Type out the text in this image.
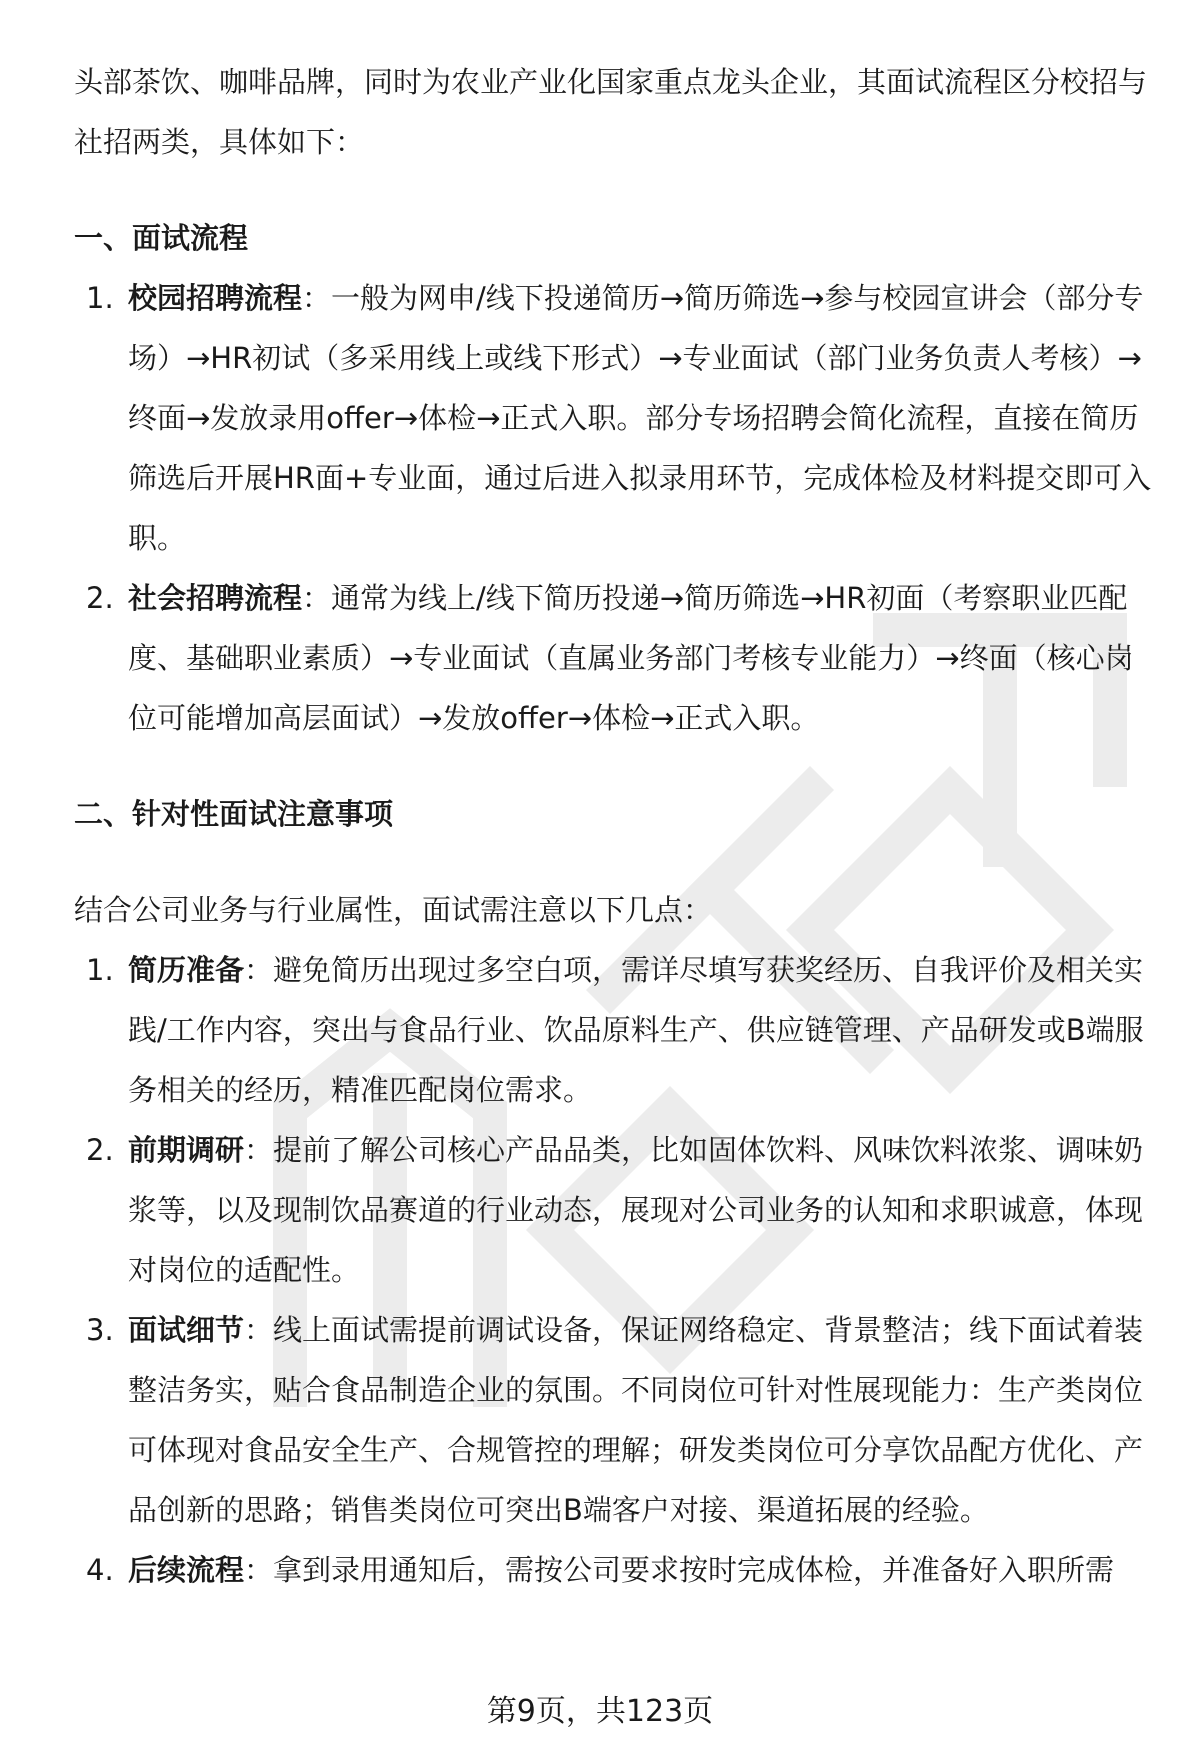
头部茶饮、咖啡品牌，同时为农业产业化国家重点龙头企业，其面试流程区分校招与社招两类，具体如下：

一、面试流程

1. 校园招聘流程：一般为网申/线下投递简历→简历筛选→参与校园宣讲会（部分专场）→HR初试（多采用线上或线下形式）→专业面试（部门业务负责人考核）→终面→发放录用offer→体检→正式入职。部分专场招聘会简化流程，直接在简历筛选后开展HR面+专业面，通过后进入拟录用环节，完成体检及材料提交即可入职。
2. 社会招聘流程：通常为线上/线下简历投递→简历筛选→HR初面（考察职业匹配度、基础职业素质）→专业面试（直属业务部门考核专业能力）→终面（核心岗位可能增加高层面试）→发放offer→体检→正式入职。

二、针对性面试注意事项

结合公司业务与行业属性，面试需注意以下几点：

1. 简历准备：避免简历出现过多空白项，需详尽填写获奖经历、自我评价及相关实践/工作内容，突出与食品行业、饮品原料生产、供应链管理、产品研发或B端服务相关的经历，精准匹配岗位需求。
2. 前期调研：提前了解公司核心产品品类，比如固体饮料、风味饮料浓浆、调味奶浆等，以及现制饮品赛道的行业动态，展现对公司业务的认知和求职诚意，体现对岗位的适配性。
3. 面试细节：线上面试需提前调试设备，保证网络稳定、背景整洁；线下面试着装整洁务实，贴合食品制造企业的氛围。不同岗位可针对性展现能力：生产类岗位可体现对食品安全生产、合规管控的理解；研发类岗位可分享饮品配方优化、产品创新的思路；销售类岗位可突出B端客户对接、渠道拓展的经验。
4. 后续流程：拿到录用通知后，需按公司要求按时完成体检，并准备好入职所需
第9页，共123页
